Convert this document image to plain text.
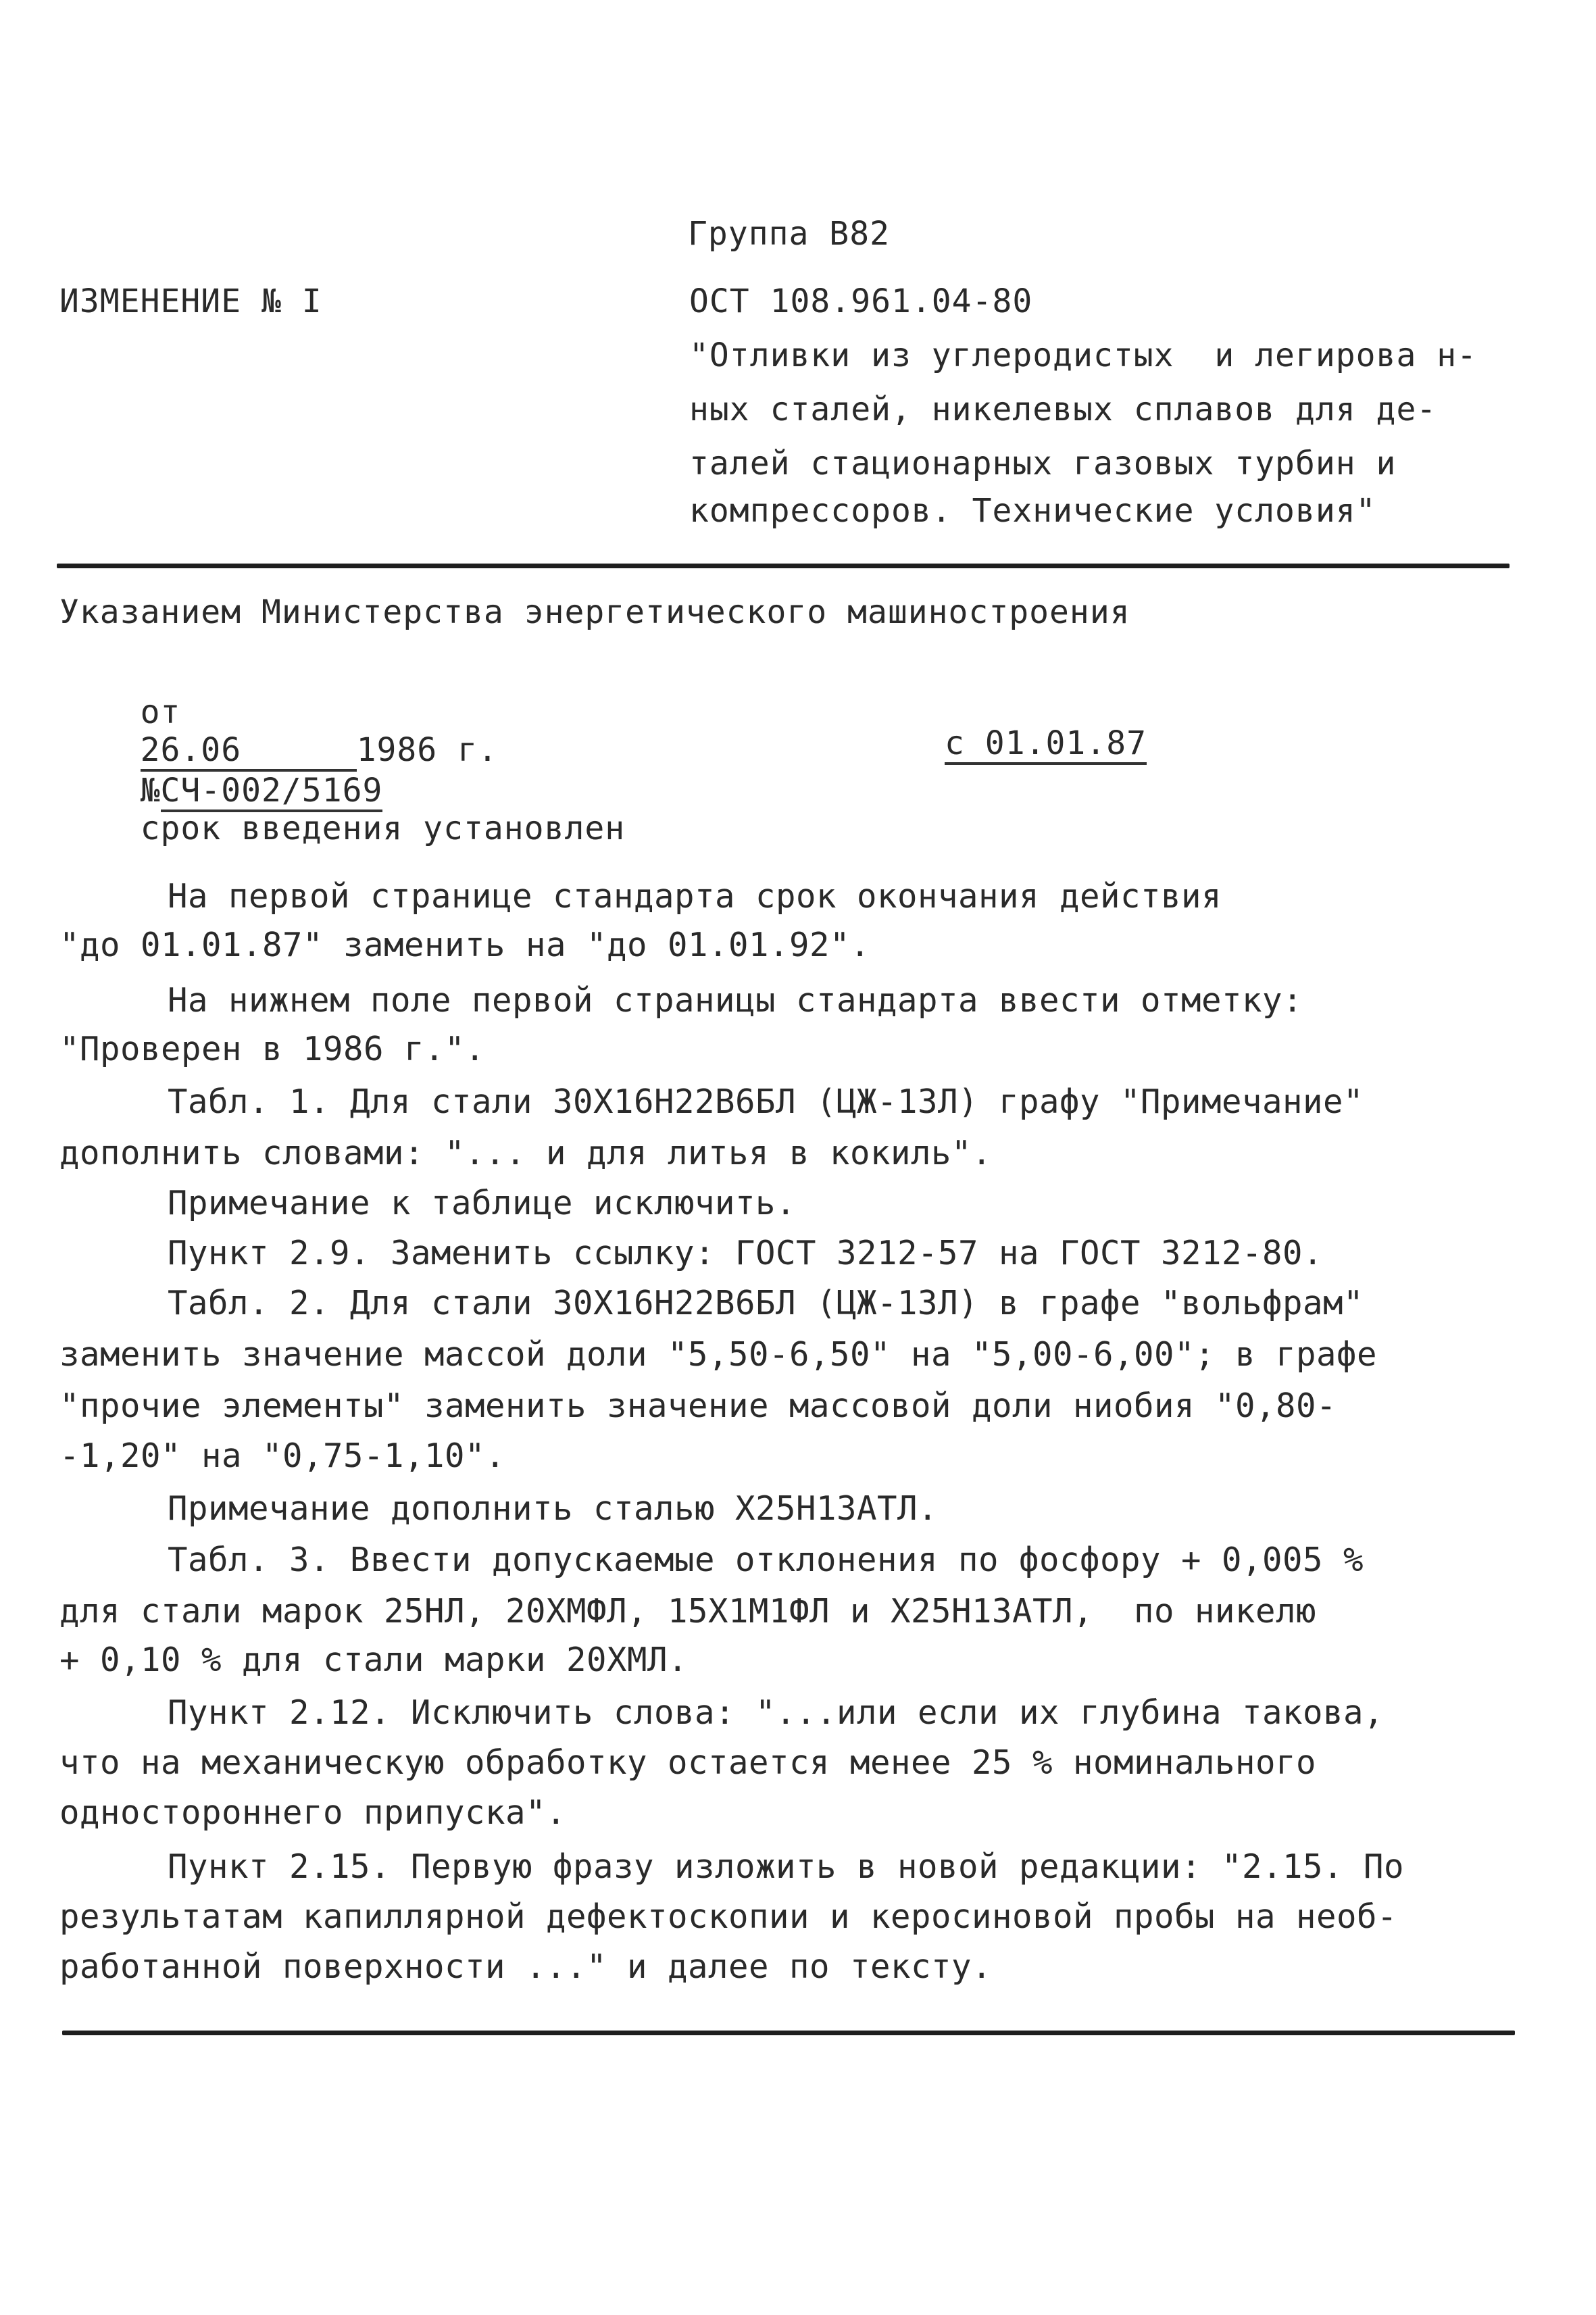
Группа В82
ИЗМЕНЕНИЕ № I	ОСТ 108.961.04-80
"Отливки из углеродистых  и легирова н-
ных сталей, никелевых сплавов для де-
талей стационарных газовых турбин и
компрессоров. Технические условия"
Указанием Министерства энергетического машиностроения

от
26.06	1986 г.
№СЧ-002/5169
срок введения установлен

с 01.01.87
На первой странице стандарта срок окончания действия
"до 01.01.87" заменить на "до 01.01.92".
На нижнем поле первой страницы стандарта ввести отметку:
"Проверен в 1986 г.".
Табл. 1. Для стали 30Х16Н22В6БЛ (ЦЖ-13Л) графу "Примечание"
дополнить словами: "... и для литья в кокиль".
Примечание к таблице исключить.
Пункт 2.9. Заменить ссылку: ГОСТ 3212-57 на ГОСТ 3212-80.
Табл. 2. Для стали 30Х16Н22В6БЛ (ЦЖ-13Л) в графе "вольфрам"
заменить значение массой доли "5,50-6,50" на "5,00-6,00"; в графе
"прочие элементы" заменить значение массовой доли ниобия "0,80-
-1,20" на "0,75-1,10".
Примечание дополнить сталью Х25Н13АТЛ.
Табл. 3. Ввести допускаемые отклонения по фосфору + 0,005 %
для стали марок 25НЛ, 20ХМФЛ, 15Х1М1ФЛ и Х25Н13АТЛ,  по никелю
+ 0,10 % для стали марки 20ХМЛ.
Пункт 2.12. Исключить слова: "...или если их глубина такова,
что на механическую обработку остается менее 25 % номинального
одностороннего припуска".
Пункт 2.15. Первую фразу изложить в новой редакции: "2.15. По
результатам капиллярной дефектоскопии и керосиновой пробы на необ-
работанной поверхности ..." и далее по тексту.
